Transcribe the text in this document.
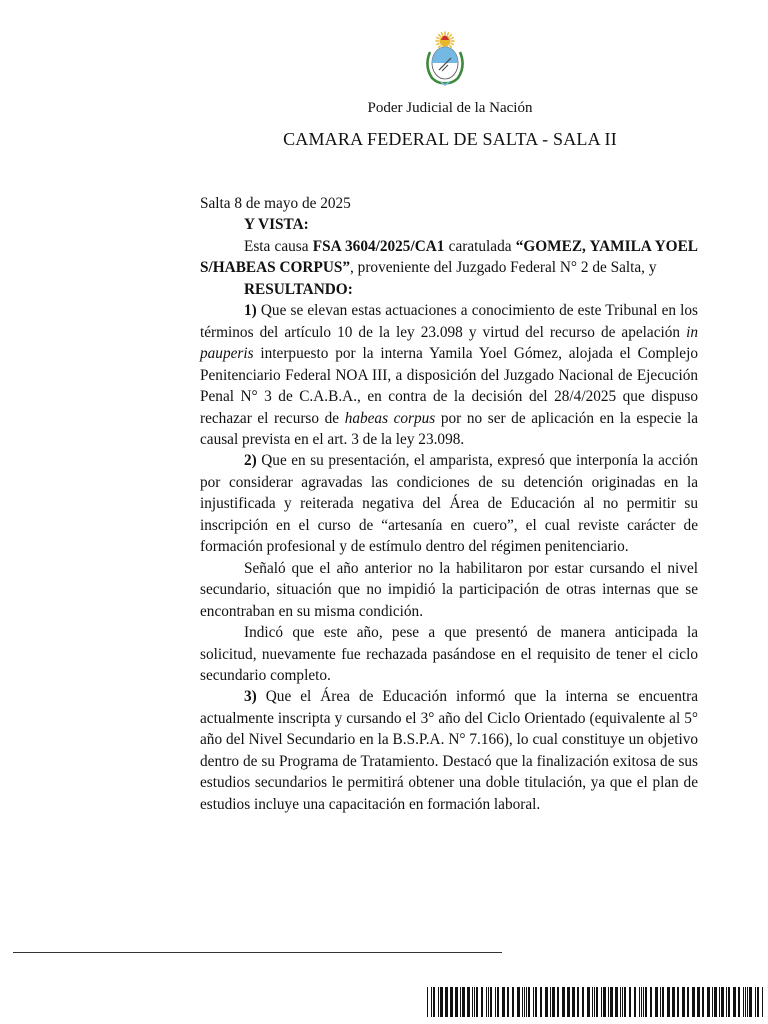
Poder Judicial de la Nación
CAMARA FEDERAL DE SALTA - SALA II

Salta 8 de mayo de 2025

Y VISTA:

Esta causa FSA 3604/2025/CA1 caratulada “GOMEZ, YAMILA YOEL S/HABEAS CORPUS”, proveniente del Juzgado Federal N° 2 de Salta, y

RESULTANDO:

1) Que se elevan estas actuaciones a conocimiento de este Tribunal en los términos del artículo 10 de la ley 23.098 y virtud del recurso de apelación in pauperis interpuesto por la interna Yamila Yoel Gómez, alojada el Complejo Penitenciario Federal NOA III, a disposición del Juzgado Nacional de Ejecución Penal N° 3 de C.A.B.A., en contra de la decisión del 28/4/2025 que dispuso rechazar el recurso de habeas corpus por no ser de aplicación en la especie la causal prevista en el art. 3 de la ley 23.098.

2) Que en su presentación, el amparista, expresó que interponía la acción por considerar agravadas las condiciones de su detención originadas en la injustificada y reiterada negativa del Área de Educación al no permitir su inscripción en el curso de “artesanía en cuero”, el cual reviste carácter de formación profesional y de estímulo dentro del régimen penitenciario.

Señaló que el año anterior no la habilitaron por estar cursando el nivel secundario, situación que no impidió la participación de otras internas que se encontraban en su misma condición.

Indicó que este año, pese a que presentó de manera anticipada la solicitud, nuevamente fue rechazada pasándose en el requisito de tener el ciclo secundario completo.

3) Que el Área de Educación informó que la interna se encuentra actualmente inscripta y cursando el 3° año del Ciclo Orientado (equivalente al 5° año del Nivel Secundario en la B.S.P.A. N° 7.166), lo cual constituye un objetivo dentro de su Programa de Tratamiento. Destacó que la finalización exitosa de sus estudios secundarios le permitirá obtener una doble titulación, ya que el plan de estudios incluye una capacitación en formación laboral.
